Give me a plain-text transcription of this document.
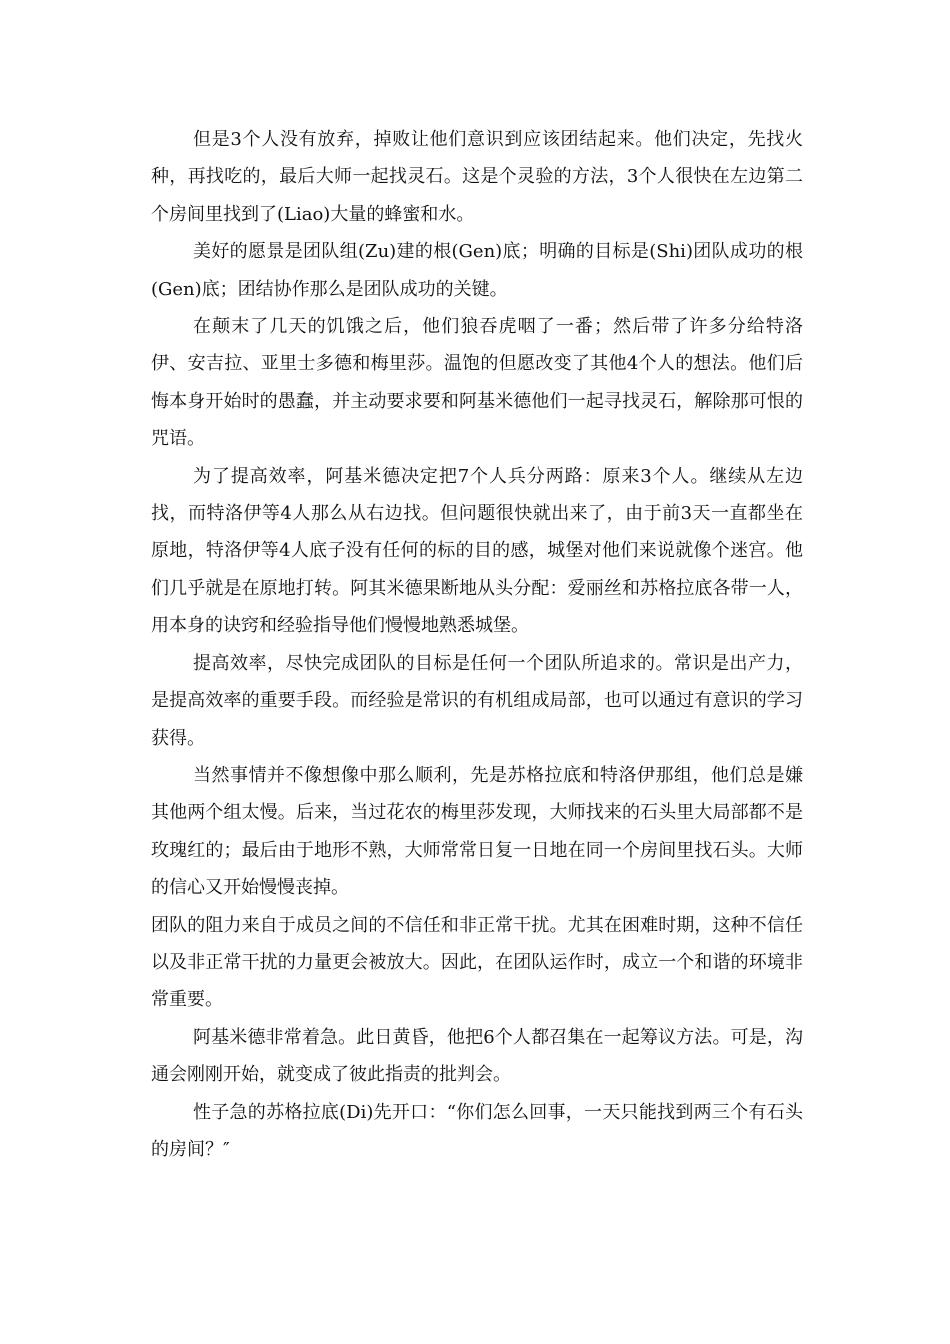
但是3个人没有放弃，掉败让他们意识到应该团结起来。他们决定，先找火种，再找吃的，最后大师一起找灵石。这是个灵验的方法，3个人很快在左边第二个房间里找到了(Liao)大量的蜂蜜和水。

美好的愿景是团队组(Zu)建的根(Gen)底；明确的目标是(Shi)团队成功的根(Gen)底；团结协作那么是团队成功的关键。

在颠末了几天的饥饿之后，他们狼吞虎咽了一番；然后带了许多分给特洛伊、安吉拉、亚里士多德和梅里莎。温饱的但愿改变了其他4个人的想法。他们后悔本身开始时的愚蠢，并主动要求要和阿基米德他们一起寻找灵石，解除那可恨的咒语。

为了提高效率，阿基米德决定把7个人兵分两路：原来3个人。继续从左边找，而特洛伊等4人那么从右边找。但问题很快就出来了，由于前3天一直都坐在原地，特洛伊等4人底子没有任何的标的目的感，城堡对他们来说就像个迷宫。他们几乎就是在原地打转。阿其米德果断地从头分配：爱丽丝和苏格拉底各带一人，用本身的诀窍和经验指导他们慢慢地熟悉城堡。

提高效率，尽快完成团队的目标是任何一个团队所追求的。常识是出产力，是提高效率的重要手段。而经验是常识的有机组成局部，也可以通过有意识的学习获得。

当然事情并不像想像中那么顺利，先是苏格拉底和特洛伊那组，他们总是嫌其他两个组太慢。后来，当过花农的梅里莎发现，大师找来的石头里大局部都不是玫瑰红的；最后由于地形不熟，大师常常日复一日地在同一个房间里找石头。大师的信心又开始慢慢丧掉。

团队的阻力来自于成员之间的不信任和非正常干扰。尤其在困难时期，这种不信任以及非正常干扰的力量更会被放大。因此，在团队运作时，成立一个和谐的环境非常重要。

阿基米德非常着急。此日黄昏，他把6个人都召集在一起筹议方法。可是，沟通会刚刚开始，就变成了彼此指责的批判会。

性子急的苏格拉底(Di)先开口：“你们怎么回事，一天只能找到两三个有石头的房间？″
